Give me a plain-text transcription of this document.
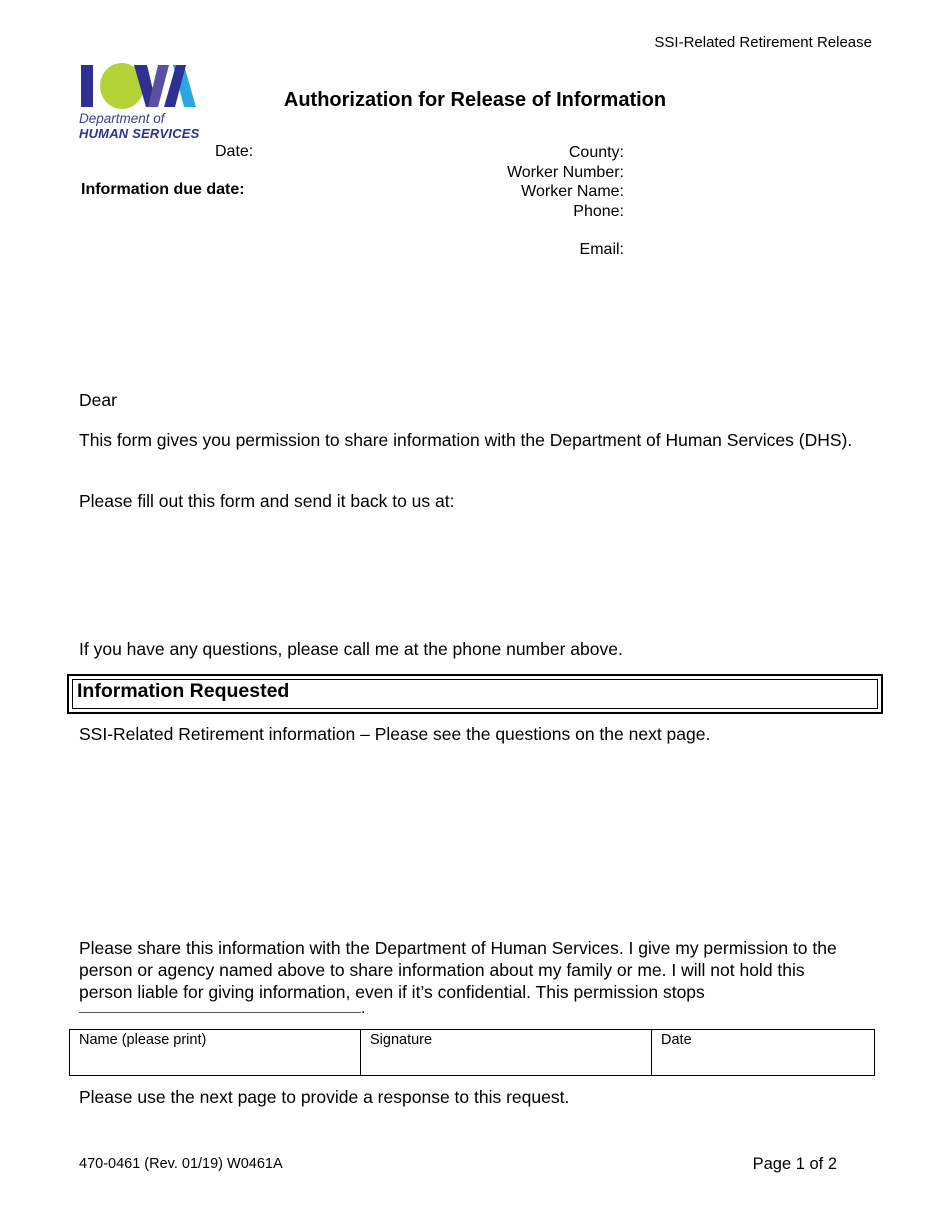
SSI-Related Retirement Release
Department of
HUMAN SERVICES
Authorization for Release of Information
Date:
Information due date:
County:
Worker Number:
Worker Name:
Phone:
Email:
Dear
This form gives you permission to share information with the Department of Human Services (DHS).
Please fill out this form and send it back to us at:
If you have any questions, please call me at the phone number above.
Information Requested
SSI-Related Retirement information – Please see the questions on the next page.
Please share this information with the Department of Human Services. I give my permission to the person or agency named above to share information about my family or me. I will not hold this person liable for giving information, even if it’s confidential. This permission stops
.
Name (please print)	Signature	Date
Please use the next page to provide a response to this request.
470-0461 (Rev. 01/19) W0461A	Page 1 of 2
